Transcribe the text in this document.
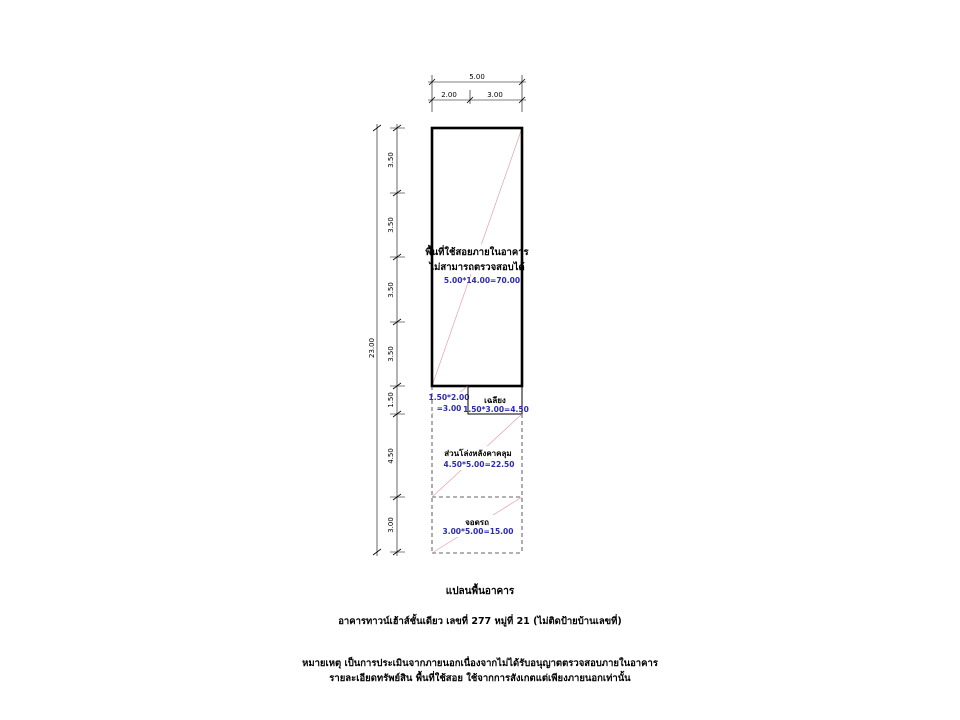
5.00
2.00	3.00
23.00
3.50
3.50
3.50
3.50
1.50
4.50
3.00
พื้นที่ใช้สอยภายในอาคาร
ไม่สามารถตรวจสอบได้
5.00*14.00=70.00
1.50*2.00
=3.00
เฉลียง
1.50*3.00=4.50
ส่วนโล่งหลังคาคลุม
4.50*5.00=22.50
จอดรถ
3.00*5.00=15.00

แปลนพื้นอาคาร

อาคารทาวน์เฮ้าส์ชั้นเดียว เลขที่ 277 หมู่ที่ 21 (ไม่ติดป้ายบ้านเลขที่)

หมายเหตุ เป็นการประเมินจากภายนอกเนื่องจากไม่ได้รับอนุญาตตรวจสอบภายในอาคาร

รายละเอียดทรัพย์สิน พื้นที่ใช้สอย ใช้จากการสังเกตแต่เพียงภายนอกเท่านั้น
